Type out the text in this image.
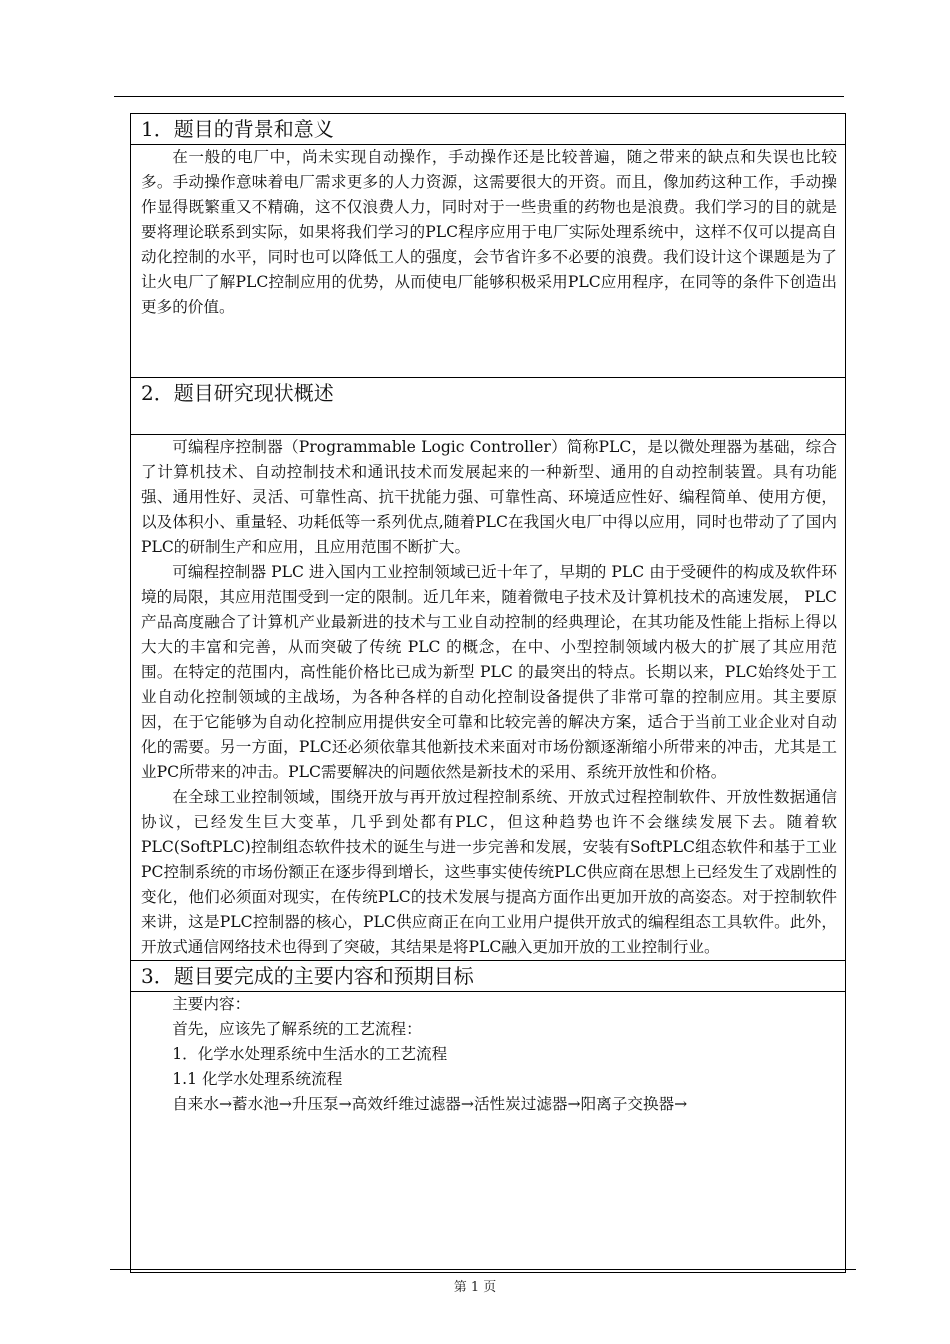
1．题目的背景和意义

在一般的电厂中，尚未实现自动操作，手动操作还是比较普遍，随之带来的缺点和失误也比较多。手动操作意味着电厂需求更多的人力资源，这需要很大的开资。而且，像加药这种工作，手动操作显得既繁重又不精确，这不仅浪费人力，同时对于一些贵重的药物也是浪费。我们学习的目的就是要将理论联系到实际，如果将我们学习的PLC程序应用于电厂实际处理系统中，这样不仅可以提高自动化控制的水平，同时也可以降低工人的强度，会节省许多不必要的浪费。我们设计这个课题是为了让火电厂了解PLC控制应用的优势，从而使电厂能够积极采用PLC应用程序，在同等的条件下创造出更多的价值。

2．题目研究现状概述

可编程序控制器（Programmable Logic Controller）简称PLC，是以微处理器为基础，综合了计算机技术、自动控制技术和通讯技术而发展起来的一种新型、通用的自动控制装置。具有功能强、通用性好、灵活、可靠性高、抗干扰能力强、可靠性高、环境适应性好、编程简单、使用方便，以及体积小、重量轻、功耗低等一系列优点,随着PLC在我国火电厂中得以应用，同时也带动了了国内PLC的研制生产和应用，且应用范围不断扩大。

可编程控制器 PLC 进入国内工业控制领域已近十年了，早期的 PLC 由于受硬件的构成及软件环境的局限，其应用范围受到一定的限制。近几年来，随着微电子技术及计算机技术的高速发展， PLC 产品高度融合了计算机产业最新进的技术与工业自动控制的经典理论，在其功能及性能上指标上得以大大的丰富和完善，从而突破了传统 PLC 的概念，在中、小型控制领域内极大的扩展了其应用范围。在特定的范围内，高性能价格比已成为新型 PLC 的最突出的特点。长期以来，PLC始终处于工业自动化控制领域的主战场，为各种各样的自动化控制设备提供了非常可靠的控制应用。其主要原因，在于它能够为自动化控制应用提供安全可靠和比较完善的解决方案，适合于当前工业企业对自动化的需要。另一方面，PLC还必须依靠其他新技术来面对市场份额逐渐缩小所带来的冲击，尤其是工业PC所带来的冲击。PLC需要解决的问题依然是新技术的采用、系统开放性和价格。

在全球工业控制领域，围绕开放与再开放过程控制系统、开放式过程控制软件、开放性数据通信协议，已经发生巨大变革，几乎到处都有PLC，但这种趋势也许不会继续发展下去。随着软PLC(SoftPLC)控制组态软件技术的诞生与进一步完善和发展，安装有SoftPLC组态软件和基于工业PC控制系统的市场份额正在逐步得到增长，这些事实使传统PLC供应商在思想上已经发生了戏剧性的变化，他们必须面对现实，在传统PLC的技术发展与提高方面作出更加开放的高姿态。对于控制软件来讲，这是PLC控制器的核心，PLC供应商正在向工业用户提供开放式的编程组态工具软件。此外，开放式通信网络技术也得到了突破，其结果是将PLC融入更加开放的工业控制行业。

3．题目要完成的主要内容和预期目标

主要内容：

首先，应该先了解系统的工艺流程：

1．化学水处理系统中生活水的工艺流程

1.1 化学水处理系统流程

自来水→蓄水池→升压泵→高效纤维过滤器→活性炭过滤器→阳离子交换器→

第 1 页
